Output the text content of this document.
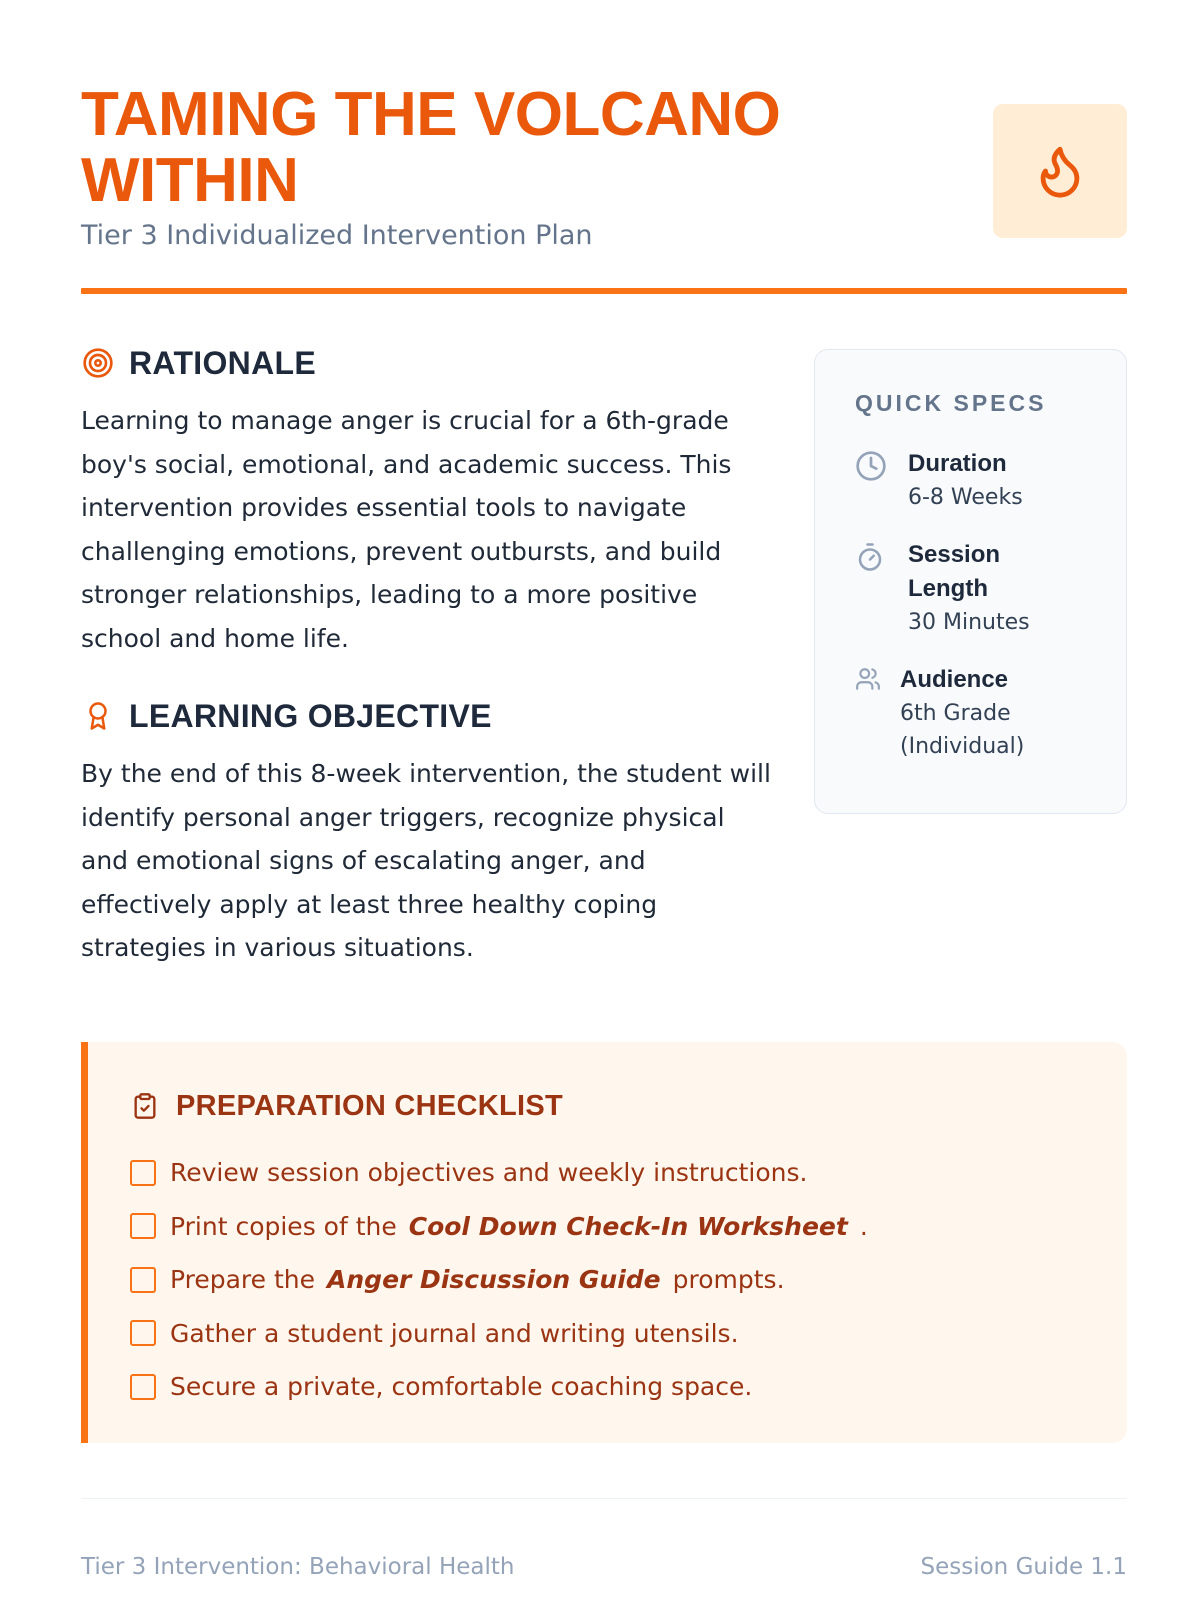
TAMING THE VOLCANO WITHIN
Tier 3 Individualized Intervention Plan
RATIONALE

Learning to manage anger is crucial for a 6th-grade boy's social, emotional, and academic success. This intervention provides essential tools to navigate challenging emotions, prevent outbursts, and build stronger relationships, leading to a more positive school and home life.

LEARNING OBJECTIVE

By the end of this 8-week intervention, the student will identify personal anger triggers, recognize physical and emotional signs of escalating anger, and effectively apply at least three healthy coping strategies in various situations.

QUICK SPECS
Duration
6-8 Weeks
Session Length
30 Minutes
Audience
6th Grade (Individual)
PREPARATION CHECKLIST
Review session objectives and weekly instructions.
Print copies of the Cool Down Check-In Worksheet .
Prepare the Anger Discussion Guide prompts.
Gather a student journal and writing utensils.
Secure a private, comfortable coaching space.
Tier 3 Intervention: Behavioral Health	Session Guide 1.1
